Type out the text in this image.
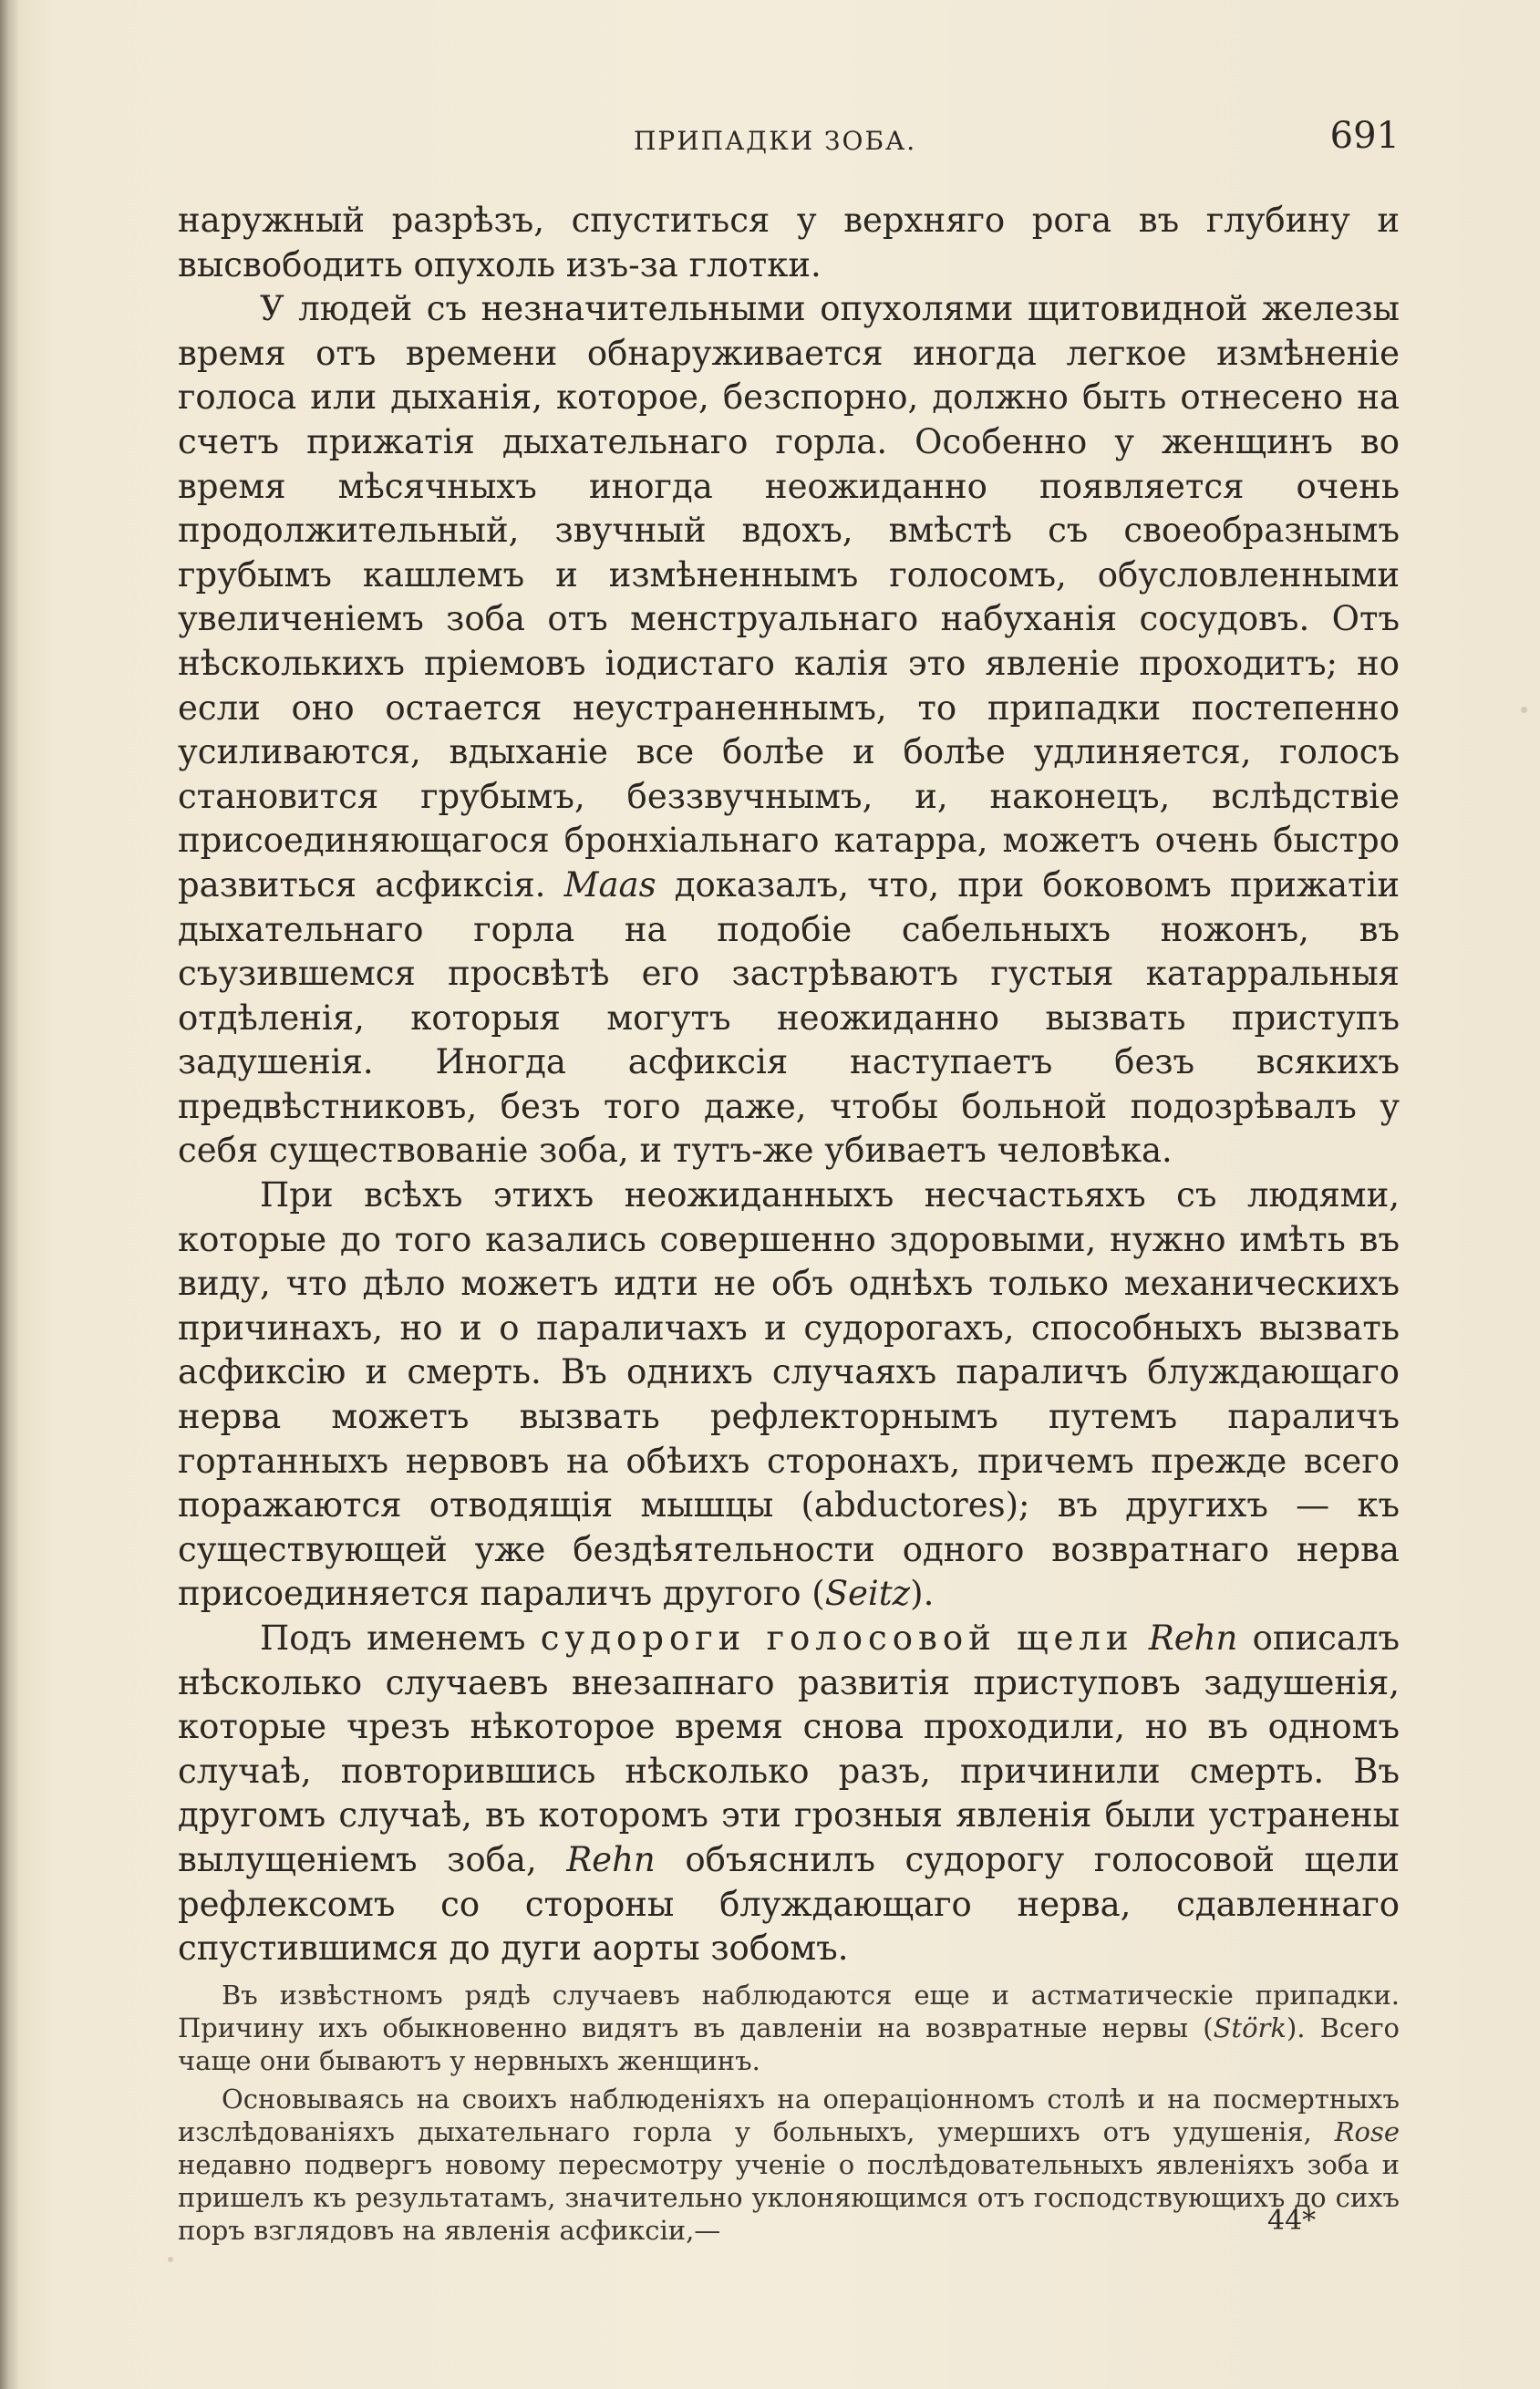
ПРИПАДКИ ЗОБА.	691

наружный разрѣзъ, спуститься у верхняго рога въ глубину и высвободить опухоль изъ-за глотки.

У людей съ незначительными опухолями щитовидной железы время отъ времени обнаруживается иногда легкое измѣненіе голоса или дыханія, которое, безспорно, должно быть отнесено на счетъ прижатія дыхательнаго горла. Особенно у женщинъ во время мѣсячныхъ иногда неожиданно появляется очень продолжительный, звучный вдохъ, вмѣстѣ съ своеобразнымъ грубымъ кашлемъ и измѣненнымъ голосомъ, обусловленными увеличеніемъ зоба отъ менструальнаго набуханія сосудовъ. Отъ нѣсколькихъ пріемовъ іодистаго калія это явленіе проходитъ; но если оно остается неустраненнымъ, то припадки постепенно усиливаются, вдыханіе все болѣе и болѣе удлиняется, голосъ становится грубымъ, беззвучнымъ, и, наконецъ, вслѣдствіе присоединяющагося бронхіальнаго катарра, можетъ очень быстро развиться асфиксія. Maas доказалъ, что, при боковомъ прижатіи дыхательнаго горла на подобіе сабельныхъ ножонъ, въ съузившемся просвѣтѣ его застрѣваютъ густыя катарральныя отдѣленія, которыя могутъ неожиданно вызвать приступъ задушенія. Иногда асфиксія наступаетъ безъ всякихъ предвѣстниковъ, безъ того даже, чтобы больной подозрѣвалъ у себя существованіе зоба, и тутъ-же убиваетъ человѣка.

При всѣхъ этихъ неожиданныхъ несчастьяхъ съ людями, которые до того казались совершенно здоровыми, нужно имѣть въ виду, что дѣло можетъ идти не объ однѣхъ только механическихъ причинахъ, но и о параличахъ и судорогахъ, способныхъ вызвать асфиксію и смерть. Въ однихъ случаяхъ параличъ блуждающаго нерва можетъ вызвать рефлекторнымъ путемъ параличъ гортанныхъ нервовъ на обѣихъ сторонахъ, причемъ прежде всего поражаются отводящія мышцы (abductores); въ другихъ — къ существующей уже бездѣятельности одного возвратнаго нерва присоединяется параличъ другого (Seitz).

Подъ именемъ судороги голосовой щели Rehn описалъ нѣсколько случаевъ внезапнаго развитія приступовъ задушенія, которые чрезъ нѣкоторое время снова проходили, но въ одномъ случаѣ, повторившись нѣсколько разъ, причинили смерть. Въ другомъ случаѣ, въ которомъ эти грозныя явленія были устранены вылущеніемъ зоба, Rehn объяснилъ судорогу голосовой щели рефлексомъ со стороны блуждающаго нерва, сдавленнаго спустившимся до дуги аорты зобомъ.

Въ извѣстномъ рядѣ случаевъ наблюдаются еще и астматическіе припадки. Причину ихъ обыкновенно видятъ въ давленіи на возвратные нервы (Störk). Всего чаще они бываютъ у нервныхъ женщинъ.

Основываясь на своихъ наблюденіяхъ на операціонномъ столѣ и на посмертныхъ изслѣдованіяхъ дыхательнаго горла у больныхъ, умершихъ отъ удушенія, Rose недавно подвергъ новому пересмотру ученіе о послѣдовательныхъ явленіяхъ зоба и пришелъ къ результатамъ, значительно уклоняющимся отъ господствующихъ до сихъ поръ взглядовъ на явленія асфиксіи,—	44*
